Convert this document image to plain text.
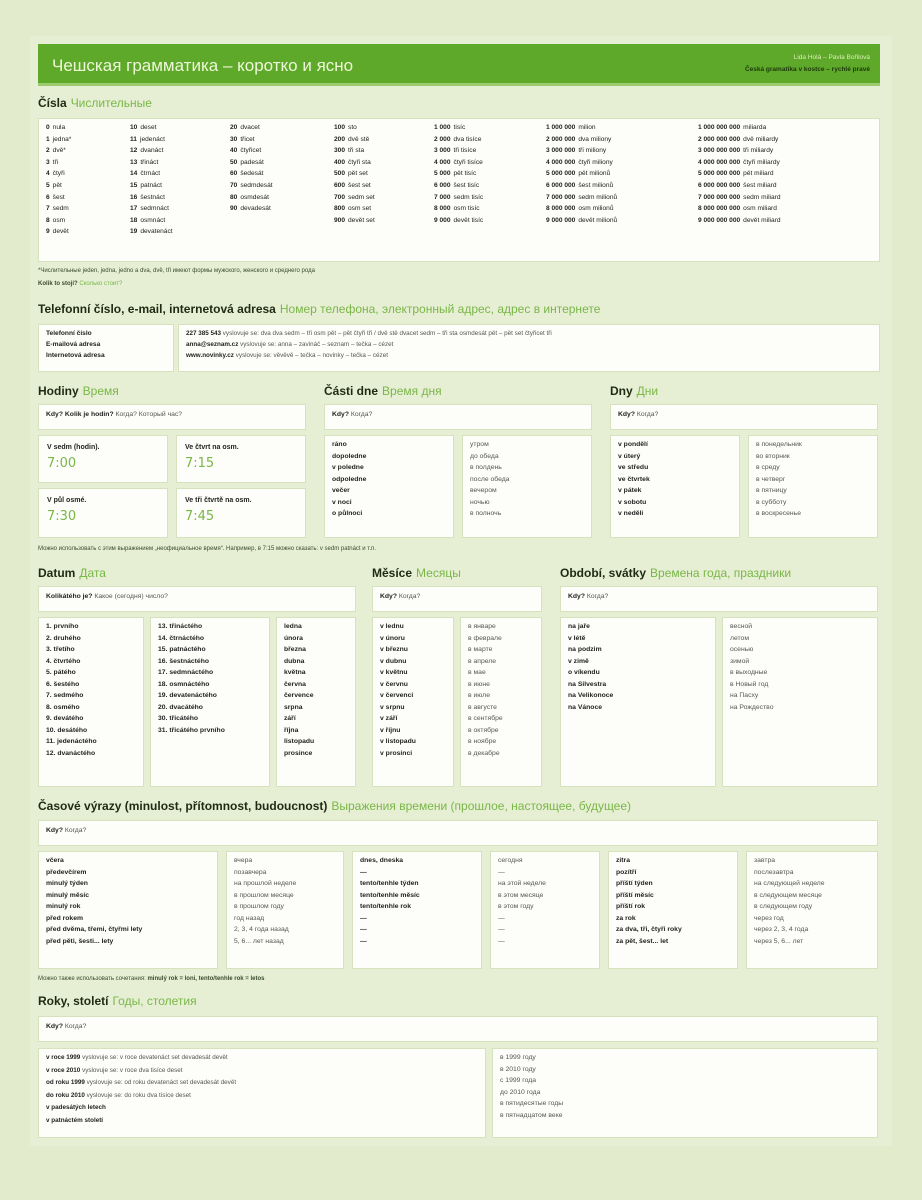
Чешская грамматика – коротко и ясно	Lida Holá – Pavla Bořilová
Česká gramatika v kostce – rychlé pravé
Čísla Числительные
0 nula
1 jedna*
2 dvě*
3 tři
4 čtyři
5 pět
6 šest
7 sedm
8 osm
9 devět
10 deset
11 jedenáct
12 dvanáct
13 třináct
14 čtrnáct
15 patnáct
16 šestnáct
17 sedmnáct
18 osmnáct
19 devatenáct
20 dvacet
30 třicet
40 čtyřicet
50 padesát
60 šedesát
70 sedmdesát
80 osmdesát
90 devadesát
100 sto
200 dvě stě
300 tři sta
400 čtyři sta
500 pět set
600 šest set
700 sedm set
800 osm set
900 devět set
1 000 tisíc
2 000 dva tisíce
3 000 tři tisíce
4 000 čtyři tisíce
5 000 pět tisíc
6 000 šest tisíc
7 000 sedm tisíc
8 000 osm tisíc
9 000 devět tisíc
1 000 000 milion
2 000 000 dva miliony
3 000 000 tři miliony
4 000 000 čtyři miliony
5 000 000 pět milionů
6 000 000 šest milionů
7 000 000 sedm milionů
8 000 000 osm milionů
9 000 000 devět milionů
1 000 000 000 miliarda
2 000 000 000 dvě miliardy
3 000 000 000 tři miliardy
4 000 000 000 čtyři miliardy
5 000 000 000 pět miliard
6 000 000 000 šest miliard
7 000 000 000 sedm miliard
8 000 000 000 osm miliard
9 000 000 000 devět miliard
*Числительные jeden, jedna, jedno a dva, dvě, tři имеют формы мужского, женского и среднего рода
Kolik to stojí? Сколько стоит?
Telefonní číslo, e-mail, internetová adresa Номер телефона, электронный адрес, адрес в интернете
Telefonní číslo
E-mailová adresa
Internetová adresa
227 385 543 vyslovuje se: dva dva sedm – tři osm pět – pět čtyři tři / dvě stě dvacet sedm – tři sta osmdesát pět – pět set čtyřicet tři
anna@seznam.cz vyslovuje se: anna – zavináč – seznam – tečka – cézet
www.novinky.cz vyslovuje se: věvěvě – tečka – novinky – tečka – cézet
Hodiny Время
Kdy? Kolik je hodin? Когда? Который час?
V sedm (hodin).
7:00
Ve čtvrt na osm.
7:15
V půl osmé.
7:30
Ve tři čtvrtě na osm.
7:45
Části dne Время дня
Kdy? Когда?
ráno
dopoledne
v poledne
odpoledne
večer
v noci
o půlnoci
утром
до обеда
в полдень
после обеда
вечером
ночью
в полночь
Dny Дни
Kdy? Когда?
v pondělí
v úterý
ve středu
ve čtvrtek
v pátek
v sobotu
v neděli
в понедельник
во вторник
в среду
в четверг
в пятницу
в субботу
в воскресенье
Можно использовать с этим выражением „неофициальное время“. Например, в 7:15 можно сказать: v sedm patnáct и т.п.
Datum Дата
Kolikátého je? Какое (сегодня) число?
1. prvního
2. druhého
3. třetího
4. čtvrtého
5. pátého
6. šestého
7. sedmého
8. osmého
9. devátého
10. desátého
11. jedenáctého
12. dvanáctého
13. třináctého
14. čtrnáctého
15. patnáctého
16. šestnáctého
17. sedmnáctého
18. osmnáctého
19. devatenáctého
20. dvacátého
30. třicátého
31. třicátého prvního
ledna
února
března
dubna
května
června
července
srpna
září
října
listopadu
prosince
Měsíce Месяцы
Kdy? Когда?
v lednu
v únoru
v březnu
v dubnu
v květnu
v červnu
v červenci
v srpnu
v září
v říjnu
v listopadu
v prosinci
в январе
в феврале
в марте
в апреле
в мае
в июне
в июле
в августе
в сентябре
в октябре
в ноябре
в декабре
Období, svátky Времена года, праздники
Kdy? Когда?
na jaře
v létě
na podzim
v zimě
o víkendu
na Silvestra
na Velikonoce
na Vánoce
весной
летом
осенью
зимой
в выходные
в Новый год
на Пасху
на Рождество
Časové výrazy (minulost, přítomnost, budoucnost) Выражения времени (прошлое, настоящее, будущее)
Kdy? Когда?
včera
předevčírem
minulý týden
minulý měsíc
minulý rok
před rokem
před dvěma, třemi, čtyřmi lety
před pěti, šesti... lety
вчера
позавчера
на прошлой неделе
в прошлом месяце
в прошлом году
год назад
2, 3, 4 года назад
5, 6... лет назад
dnes, dneska
—
tento/tenhle týden
tento/tenhle měsíc
tento/tenhle rok
—
—
—
сегодня
—
на этой неделе
в этом месяце
в этом году
—
—
—
zítra
pozítří
příští týden
příští měsíc
příští rok
za rok
za dva, tři, čtyři roky
za pět, šest... let
завтра
послезавтра
на следующей неделе
в следующем месяце
в следующем году
через год
через 2, 3, 4 года
через 5, 6... лет
Можно также использовать сочетания: minulý rok = loni, tento/tenhle rok = letos
Roky, století Годы, столетия
Kdy? Когда?
v roce 1999 vyslovuje se: v roce devatenáct set devadesát devět
v roce 2010 vyslovuje se: v roce dva tisíce deset
od roku 1999 vyslovuje se: od roku devatenáct set devadesát devět
do roku 2010 vyslovuje se: do roku dva tisíce deset
v padesátých letech
v patnáctém století
в 1999 году
в 2010 году
с 1999 года
до 2010 года
в пятидесятые годы
в пятнадцатом веке
